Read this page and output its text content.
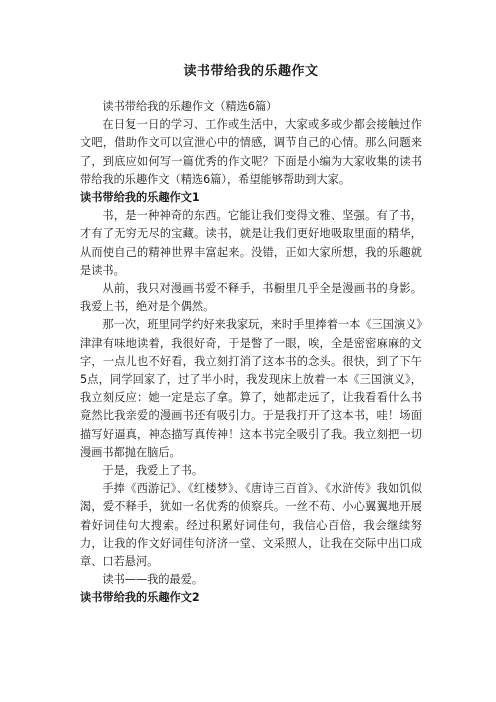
读书带给我的乐趣作文

读书带给我的乐趣作文（精选6篇）

在日复一日的学习、工作或生活中，大家或多或少都会接触过作文吧，借助作文可以宣泄心中的情感，调节自己的心情。那么问题来了，到底应如何写一篇优秀的作文呢？下面是小编为大家收集的读书带给我的乐趣作文（精选6篇），希望能够帮助到大家。

读书带给我的乐趣作文1

书，是一种神奇的东西。它能让我们变得文雅、坚强。有了书，才有了无穷无尽的宝藏。读书，就是让我们更好地吸取里面的精华，从而使自己的精神世界丰富起来。没错，正如大家所想，我的乐趣就是读书。

从前，我只对漫画书爱不释手，书橱里几乎全是漫画书的身影。我爱上书，绝对是个偶然。

那一次，班里同学约好来我家玩，来时手里捧着一本《三国演义》津津有味地读着，我很好奇，于是瞥了一眼，唉，全是密密麻麻的文字，一点儿也不好看，我立刻打消了这本书的念头。很快，到了下午5点，同学回家了，过了半小时，我发现床上放着一本《三国演义》，我立刻反应：她一定是忘了拿。算了，她都走远了，让我看看什么书竟然比我亲爱的漫画书还有吸引力。于是我打开了这本书，哇！场面描写好逼真，神态描写真传神！这本书完全吸引了我。我立刻把一切漫画书都抛在脑后。

于是，我爱上了书。

手捧《西游记》、《红楼梦》、《唐诗三百首》、《水浒传》我如饥似渴，爱不释手，犹如一名优秀的侦察兵。一丝不苟、小心翼翼地开展着好词佳句大搜索。经过积累好词佳句，我信心百倍，我会继续努力，让我的作文好词佳句济济一堂、文采照人，让我在交际中出口成章、口若悬河。

读书——我的最爱。

读书带给我的乐趣作文2
